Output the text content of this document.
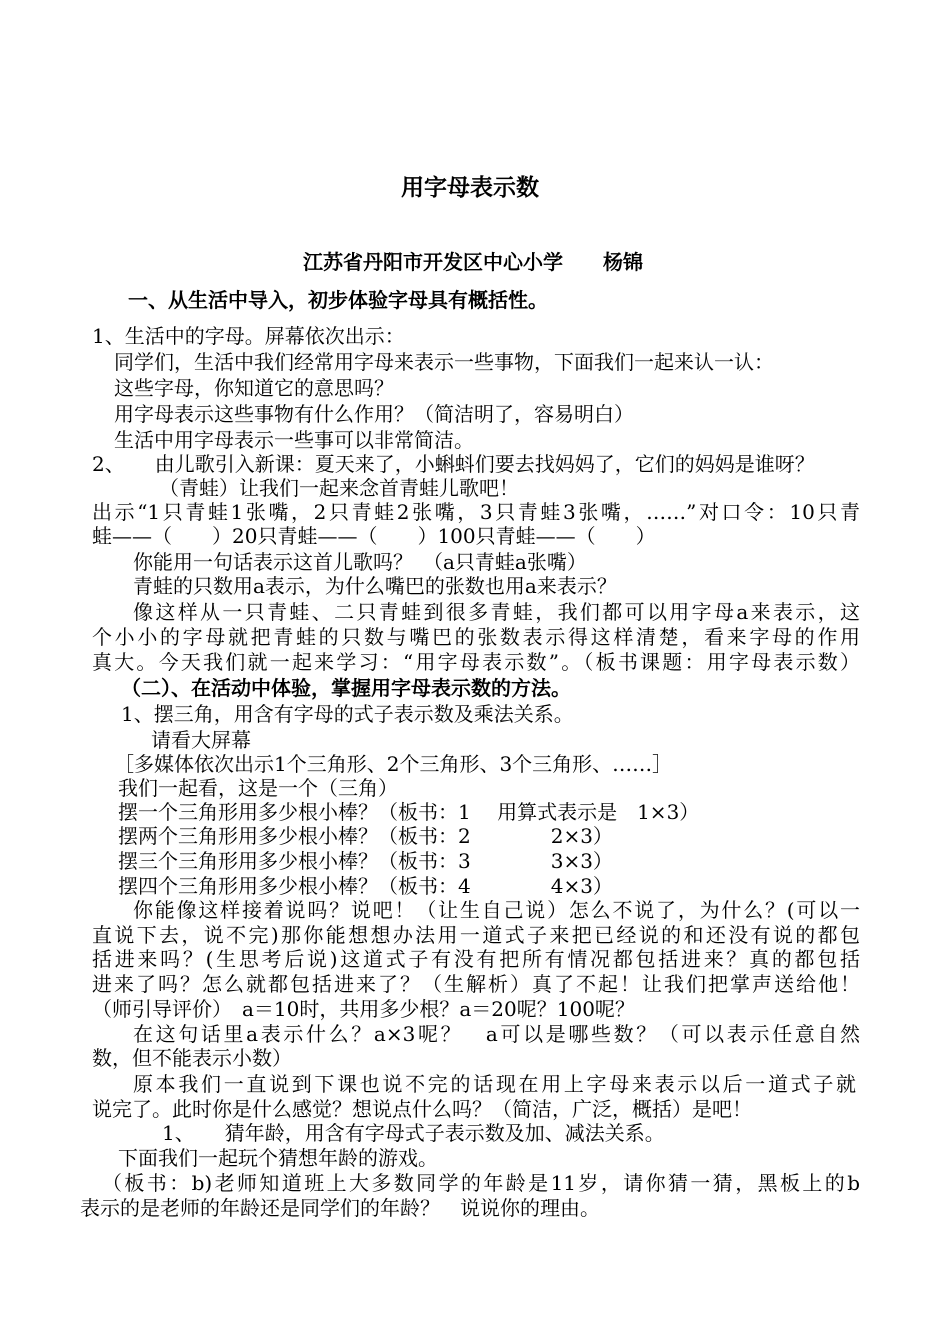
用字母表示数

江苏省丹阳市开发区中心小学　　杨锦

一、从生活中导入，初步体验字母具有概括性。

1、生活中的字母。屏幕依次出示：

同学们，生活中我们经常用字母来表示一些事物，下面我们一起来认一认：

这些字母，你知道它的意思吗？

用字母表示这些事物有什么作用？（简洁明了，容易明白）

生活中用字母表示一些事可以非常简洁。

2、　　由儿歌引入新课：夏天来了，小蝌蚪们要去找妈妈了，它们的妈妈是谁呀？

（青蛙）让我们一起来念首青蛙儿歌吧！

出示“1只青蛙1张嘴，2只青蛙2张嘴，3只青蛙3张嘴，……”对口令：10只青

蛙——（　　）20只青蛙——（　　）100只青蛙——（　　）

你能用一句话表示这首儿歌吗？　（a只青蛙a张嘴）

青蛙的只数用a表示，为什么嘴巴的张数也用a来表示？

像这样从一只青蛙、二只青蛙到很多青蛙，我们都可以用字母a来表示，这

个小小的字母就把青蛙的只数与嘴巴的张数表示得这样清楚，看来字母的作用

真大。今天我们就一起来学习：“用字母表示数”。（板书课题：用字母表示数）

（二）、在活动中体验，掌握用字母表示数的方法。

1、摆三角，用含有字母的式子表示数及乘法关系。

请看大屏幕

［多媒体依次出示1个三角形、2个三角形、3个三角形、……］

我们一起看，这是一个（三角）

摆一个三角形用多少根小棒？（板书：1　 用算式表示是　1×3）

摆两个三角形用多少根小棒？（板书：2　　　　2×3）

摆三个三角形用多少根小棒？（板书：3　　　　3×3）

摆四个三角形用多少根小棒？（板书：4　　　　4×3）

你能像这样接着说吗？说吧！（让生自己说）怎么不说了，为什么？(可以一

直说下去，说不完)那你能想想办法用一道式子来把已经说的和还没有说的都包

括进来吗？(生思考后说)这道式子有没有把所有情况都包括进来？真的都包括

进来了吗？怎么就都包括进来了？（生解析）真了不起！让我们把掌声送给他！

（师引导评价）　a＝10时，共用多少根？a＝20呢？100呢？

在这句话里a表示什么？a×3呢？　a可以是哪些数？（可以表示任意自然

数，但不能表示小数）

原本我们一直说到下课也说不完的话现在用上字母来表示以后一道式子就

说完了。此时你是什么感觉？想说点什么吗？（简洁，广泛，概括）是吧！

1、　　猜年龄，用含有字母式子表示数及加、减法关系。

下面我们一起玩个猜想年龄的游戏。

（板书：b)老师知道班上大多数同学的年龄是11岁，请你猜一猜，黑板上的b

表示的是老师的年龄还是同学们的年龄？　说说你的理由。
